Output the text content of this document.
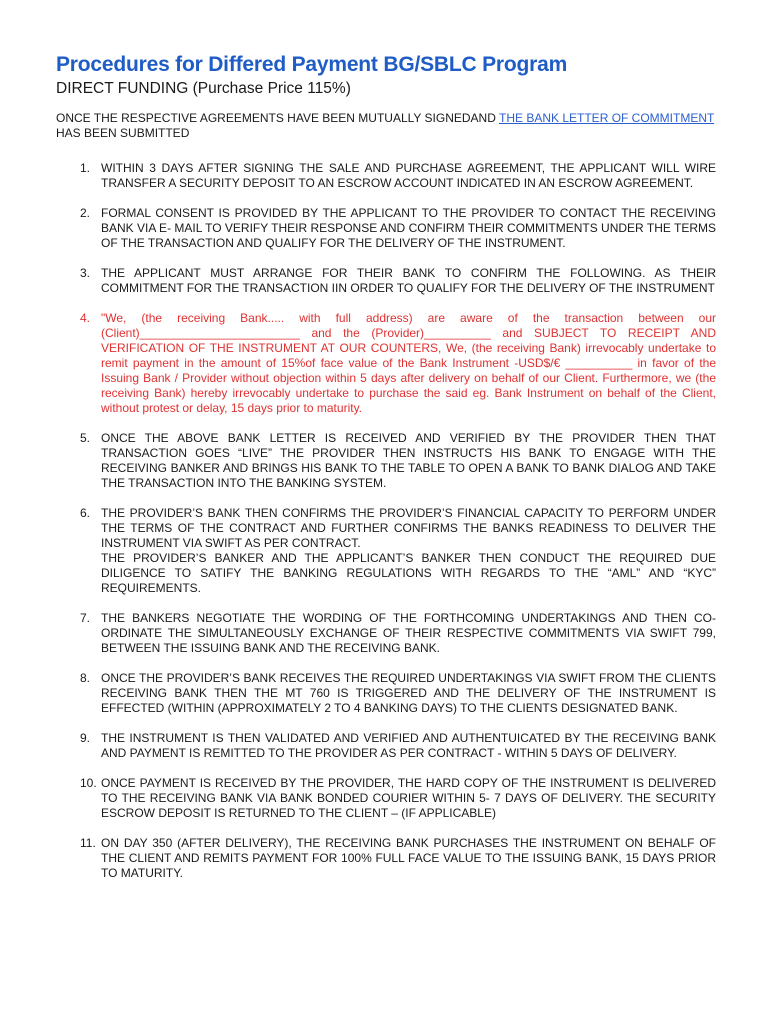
Procedures for Differed Payment BG/SBLC Program
DIRECT FUNDING (Purchase Price 115%)

ONCE THE RESPECTIVE AGREEMENTS HAVE BEEN MUTUALLY SIGNEDAND THE BANK LETTER OF COMMITMENT HAS BEEN SUBMITTED

1. WITHIN 3 DAYS AFTER SIGNING THE SALE AND PURCHASE AGREEMENT, THE APPLICANT WILL WIRE TRANSFER A SECURITY DEPOSIT TO AN ESCROW ACCOUNT INDICATED IN AN ESCROW AGREEMENT.

2. FORMAL CONSENT IS PROVIDED BY THE APPLICANT TO THE PROVIDER TO CONTACT THE RECEIVING BANK VIA E- MAIL TO VERIFY THEIR RESPONSE AND CONFIRM THEIR COMMITMENTS UNDER THE TERMS OF THE TRANSACTION AND QUALIFY FOR THE DELIVERY OF THE INSTRUMENT.

3. THE APPLICANT MUST ARRANGE FOR THEIR BANK TO CONFIRM THE FOLLOWING. AS THEIR COMMITMENT FOR THE TRANSACTION IIN ORDER TO QUALIFY FOR THE DELIVERY OF THE INSTRUMENT

4. "We, (the receiving Bank..... with full address) are aware of the transaction between our (Client)________________________ and the (Provider)__________ and SUBJECT TO RECEIPT AND VERIFICATION OF THE INSTRUMENT AT OUR COUNTERS, We, (the receiving Bank) irrevocably undertake to remit payment in the amount of 15%of face value of the Bank Instrument -USD$/€ __________ in favor of the Issuing Bank / Provider without objection within 5 days after delivery on behalf of our Client. Furthermore, we (the receiving Bank) hereby irrevocably undertake to purchase the said eg. Bank Instrument on behalf of the Client, without protest or delay, 15 days prior to maturity.

5. ONCE THE ABOVE BANK LETTER IS RECEIVED AND VERIFIED BY THE PROVIDER THEN THAT TRANSACTION GOES “LIVE” THE PROVIDER THEN INSTRUCTS HIS BANK TO ENGAGE WITH THE RECEIVING BANKER AND BRINGS HIS BANK TO THE TABLE TO OPEN A BANK TO BANK DIALOG AND TAKE THE TRANSACTION INTO THE BANKING SYSTEM.

6. THE PROVIDER’S BANK THEN CONFIRMS THE PROVIDER’S FINANCIAL CAPACITY TO PERFORM UNDER THE TERMS OF THE CONTRACT AND FURTHER CONFIRMS THE BANKS READINESS TO DELIVER THE INSTRUMENT VIA SWIFT AS PER CONTRACT.

THE PROVIDER’S BANKER AND THE APPLICANT’S BANKER THEN CONDUCT THE REQUIRED DUE DILIGENCE TO SATIFY THE BANKING REGULATIONS WITH REGARDS TO THE “AML” AND “KYC” REQUIREMENTS.

7. THE BANKERS NEGOTIATE THE WORDING OF THE FORTHCOMING UNDERTAKINGS AND THEN CO-ORDINATE THE SIMULTANEOUSLY EXCHANGE OF THEIR RESPECTIVE COMMITMENTS VIA SWIFT 799, BETWEEN THE ISSUING BANK AND THE RECEIVING BANK.

8. ONCE THE PROVIDER’S BANK RECEIVES THE REQUIRED UNDERTAKINGS VIA SWIFT FROM THE CLIENTS RECEIVING BANK THEN THE MT 760 IS TRIGGERED AND THE DELIVERY OF THE INSTRUMENT IS EFFECTED (WITHIN (APPROXIMATELY 2 TO 4 BANKING DAYS) TO THE CLIENTS DESIGNATED BANK.

9. THE INSTRUMENT IS THEN VALIDATED AND VERIFIED AND AUTHENTUICATED BY THE RECEIVING BANK AND PAYMENT IS REMITTED TO THE PROVIDER AS PER CONTRACT - WITHIN 5 DAYS OF DELIVERY.

10. ONCE PAYMENT IS RECEIVED BY THE PROVIDER, THE HARD COPY OF THE INSTRUMENT IS DELIVERED TO THE RECEIVING BANK VIA BANK BONDED COURIER WITHIN 5- 7 DAYS OF DELIVERY. THE SECURITY ESCROW DEPOSIT IS RETURNED TO THE CLIENT – (IF APPLICABLE)

11. ON DAY 350 (AFTER DELIVERY), THE RECEIVING BANK PURCHASES THE INSTRUMENT ON BEHALF OF THE CLIENT AND REMITS PAYMENT FOR 100% FULL FACE VALUE TO THE ISSUING BANK, 15 DAYS PRIOR TO MATURITY.
